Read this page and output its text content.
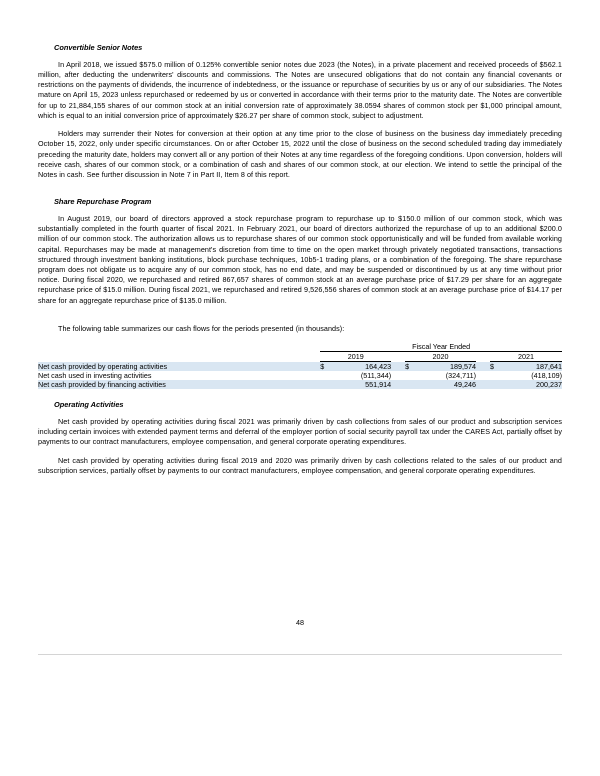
Convertible Senior Notes

In April 2018, we issued $575.0 million of 0.125% convertible senior notes due 2023 (the Notes), in a private placement and received proceeds of $562.1 million, after deducting the underwriters' discounts and commissions. The Notes are unsecured obligations that do not contain any financial covenants or restrictions on the payments of dividends, the incurrence of indebtedness, or the issuance or repurchase of securities by us or any of our subsidiaries. The Notes mature on April 15, 2023 unless repurchased or redeemed by us or converted in accordance with their terms prior to the maturity date. The Notes are convertible for up to 21,884,155 shares of our common stock at an initial conversion rate of approximately 38.0594 shares of common stock per $1,000 principal amount, which is equal to an initial conversion price of approximately $26.27 per share of common stock, subject to adjustment.

Holders may surrender their Notes for conversion at their option at any time prior to the close of business on the business day immediately preceding October 15, 2022, only under specific circumstances. On or after October 15, 2022 until the close of business on the second scheduled trading day immediately preceding the maturity date, holders may convert all or any portion of their Notes at any time regardless of the foregoing conditions. Upon conversion, holders will receive cash, shares of our common stock, or a combination of cash and shares of our common stock, at our election. We intend to settle the principal of the Notes in cash. See further discussion in Note 7 in Part II, Item 8 of this report.

Share Repurchase Program

In August 2019, our board of directors approved a stock repurchase program to repurchase up to $150.0 million of our common stock, which was substantially completed in the fourth quarter of fiscal 2021. In February 2021, our board of directors authorized the repurchase of up to an additional $200.0 million of our common stock. The authorization allows us to repurchase shares of our common stock opportunistically and will be funded from available working capital. Repurchases may be made at management's discretion from time to time on the open market through privately negotiated transactions, transactions structured through investment banking institutions, block purchase techniques, 10b5-1 trading plans, or a combination of the foregoing. The share repurchase program does not obligate us to acquire any of our common stock, has no end date, and may be suspended or discontinued by us at any time without prior notice. During fiscal 2020, we repurchased and retired 867,657 shares of common stock at an average purchase price of $17.29 per share for an aggregate repurchase price of $15.0 million. During fiscal 2021, we repurchased and retired 9,526,556 shares of common stock at an average purchase price of $14.17 per share for an aggregate repurchase price of $135.0 million.

The following table summarizes our cash flows for the periods presented (in thousands):

		Fiscal Year Ended							
		2019			2020			2021	
Net cash provided by operating activities		$	164,423		$	189,574		$	187,641
Net cash used in investing activities			(511,344)			(324,711)			(418,109)
Net cash provided by financing activities			551,914			49,246			200,237
Operating Activities

Net cash provided by operating activities during fiscal 2021 was primarily driven by cash collections from sales of our product and subscription services including certain invoices with extended payment terms and deferral of the employer portion of social security payroll tax under the CARES Act, partially offset by payments to our contract manufacturers, employee compensation, and general corporate operating expenditures.

Net cash provided by operating activities during fiscal 2019 and 2020 was primarily driven by cash collections related to the sales of our product and subscription services, partially offset by payments to our contract manufacturers, employee compensation, and general corporate operating expenditures.

48
